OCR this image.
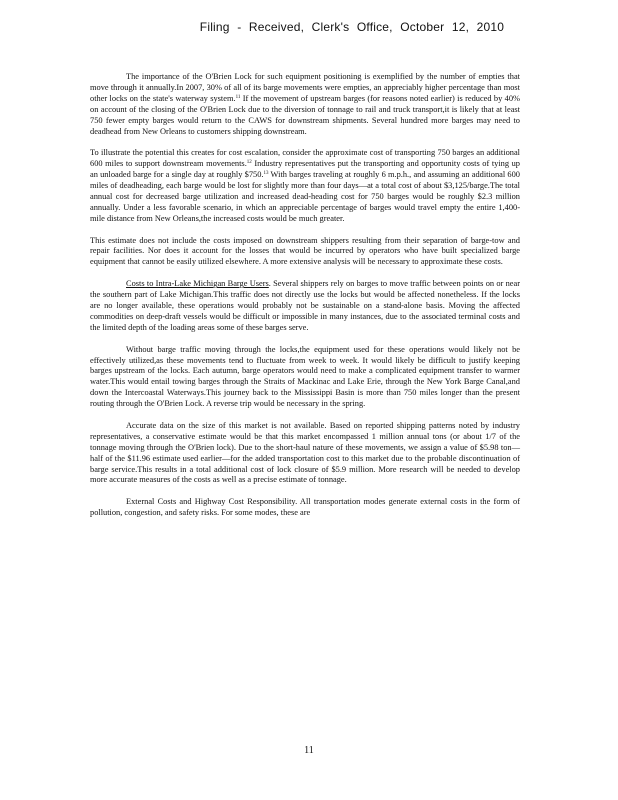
Filing - Received, Clerk's Office, October 12, 2010

The importance of the O'Brien Lock for such equipment positioning is exemplified by the number of empties that move through it annually.In 2007, 30% of all of its barge movements were empties, an appreciably higher percentage than most other locks on the state's waterway system.$^{11}$ If the movement of upstream barges (for reasons noted earlier) is reduced by 40% on account of the closing of the O'Brien Lock due to the diversion of tonnage to rail and truck transport,it is likely that at least 750 fewer empty barges would return to the CAWS for downstream shipments. Several hundred more barges may need to deadhead from New Orleans to customers shipping downstream.

To illustrate the potential this creates for cost escalation, consider the approximate cost of transporting 750 barges an additional 600 miles to support downstream movements.$^{12}$ Industry representatives put the transporting and opportunity costs of tying up an unloaded barge for a single day at roughly $750.13 With barges traveling at roughly 6 m.p.h., and assuming an additional 600 miles of deadheading, each barge would be lost for slightly more than four days—at a total cost of about $3,125/barge.The total annual cost for decreased barge utilization and increased dead-heading cost for 750 barges would be roughly $2.3 million annually. Under a less favorable scenario, in which an appreciable percentage of barges would travel empty the entire 1,400-mile distance from New Orleans,the increased costs would be much greater.

This estimate does not include the costs imposed on downstream shippers resulting from their separation of barge-tow and repair facilities. Nor does it account for the losses that would be incurred by operators who have built specialized barge equipment that cannot be easily utilized elsewhere. A more extensive analysis will be necessary to approximate these costs.

Costs to Intra-Lake Michigan Barge Users. Several shippers rely on barges to move traffic between points on or near the southern part of Lake Michigan.This traffic does not directly use the locks but would be affected nonetheless. If the locks are no longer available, these operations would probably not be sustainable on a stand-alone basis. Moving the affected commodities on deep-draft vessels would be difficult or impossible in many instances, due to the associated terminal costs and the limited depth of the loading areas some of these barges serve.

Without barge traffic moving through the locks,the equipment used for these operations would likely not be effectively utilized,as these movements tend to fluctuate from week to week. It would likely be difficult to justify keeping barges upstream of the locks. Each autumn, barge operators would need to make a complicated equipment transfer to warmer water.This would entail towing barges through the Straits of Mackinac and Lake Erie, through the New York Barge Canal,and down the Intercoastal Waterways.This journey back to the Mississippi Basin is more than 750 miles longer than the present routing through the O'Brien Lock. A reverse trip would be necessary in the spring.

Accurate data on the size of this market is not available. Based on reported shipping patterns noted by industry representatives, a conservative estimate would be that this market encompassed 1 million annual tons (or about 1/7 of the tonnage moving through the O'Brien lock). Due to the short-haul nature of these movements, we assign a value of $5.98 ton—half of the $11.96 estimate used earlier—for the added transportation cost to this market due to the probable discontinuation of barge service.This results in a total additional cost of lock closure of $5.9 million. More research will be needed to develop more accurate measures of the costs as well as a precise estimate of tonnage.

External Costs and Highway Cost Responsibility. All transportation modes generate external costs in the form of pollution, congestion, and safety risks. For some modes, these are

11
